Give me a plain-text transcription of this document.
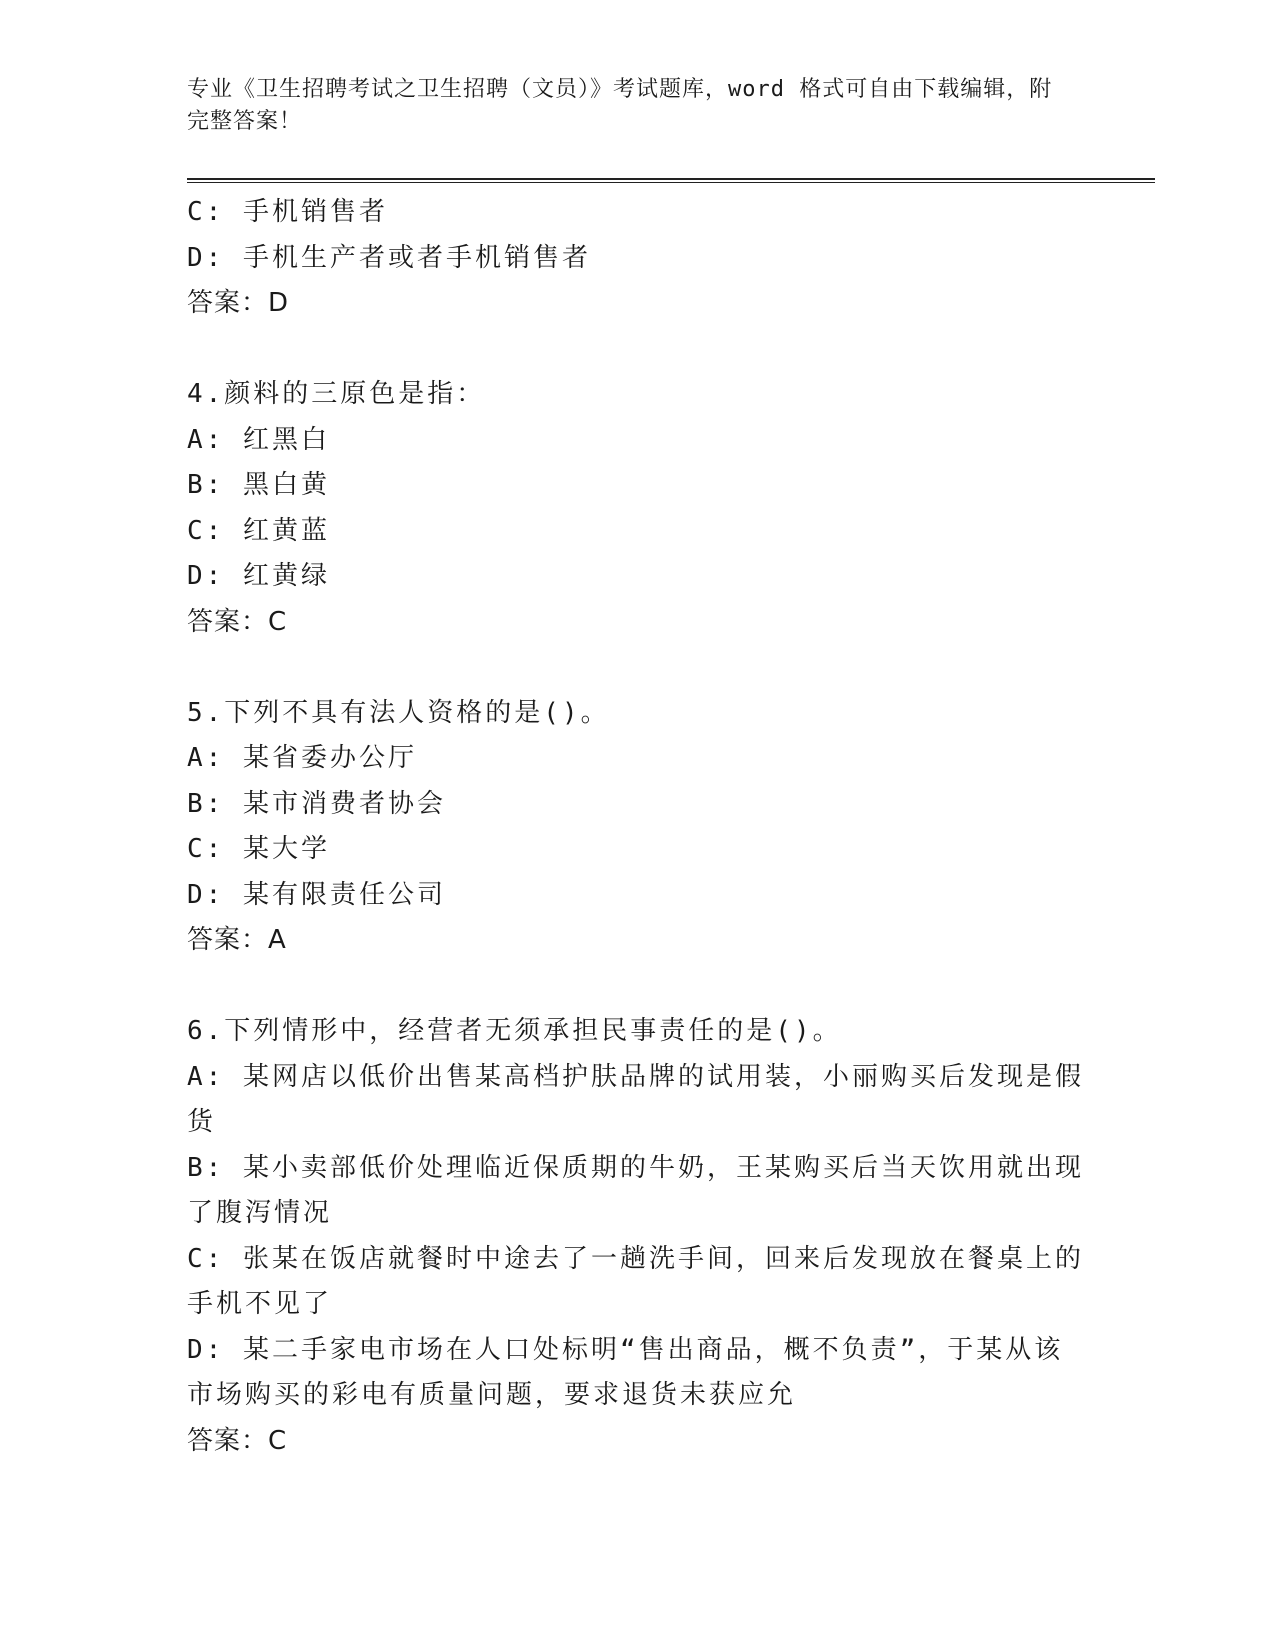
专业《卫生招聘考试之卫生招聘（文员）》考试题库，word 格式可自由下载编辑，附完整答案！
C: 手机销售者
D: 手机生产者或者手机销售者
答案：D
4.颜料的三原色是指：
A: 红黑白
B: 黑白黄
C: 红黄蓝
D: 红黄绿
答案：C
5.下列不具有法人资格的是()。
A: 某省委办公厅
B: 某市消费者协会
C: 某大学
D: 某有限责任公司
答案：A
6.下列情形中，经营者无须承担民事责任的是()。
A: 某网店以低价出售某高档护肤品牌的试用装，小丽购买后发现是假货
B: 某小卖部低价处理临近保质期的牛奶，王某购买后当天饮用就出现了腹泻情况
C: 张某在饭店就餐时中途去了一趟洗手间，回来后发现放在餐桌上的手机不见了
D: 某二手家电市场在人口处标明“售出商品，概不负责”，于某从该市场购买的彩电有质量问题，要求退货未获应允
答案：C
